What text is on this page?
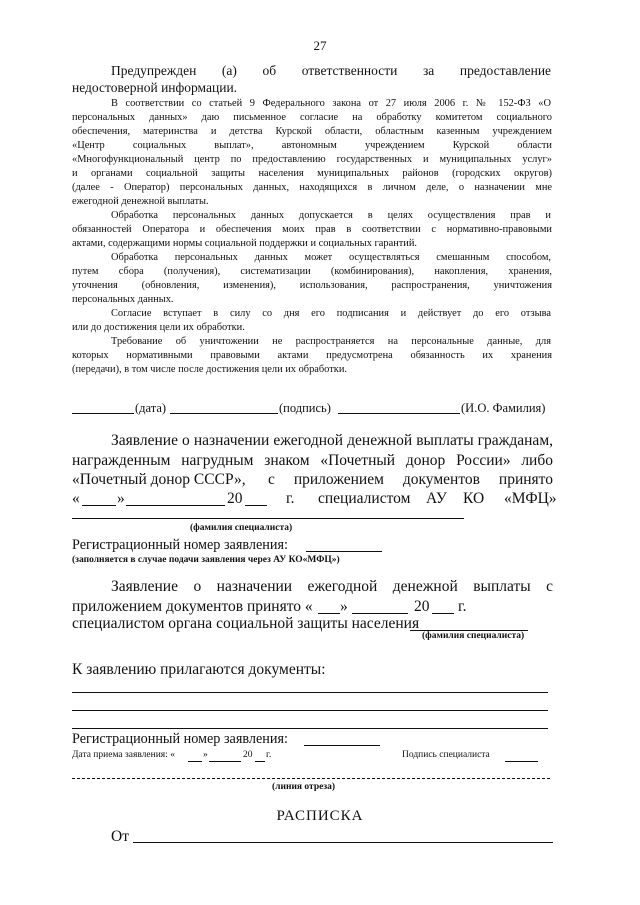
27
Предупрежден (а) об ответственности за предоставление
недостоверной информации.
В соответствии со статьей 9 Федерального закона от 27 июля 2006 г. № 152-ФЗ «О
персональных данных» даю письменное согласие на обработку комитетом социального
обеспечения, материнства и детства Курской области, областным казенным учреждением
«Центр социальных выплат», автономным учреждением Курской области
«Многофункциональный центр по предоставлению государственных и муниципальных услуг»
и органами социальной защиты населения муниципальных районов (городских округов)
(далее - Оператор) персональных данных, находящихся в личном деле, о назначении мне
ежегодной денежной выплаты.
Обработка персональных данных допускается в целях осуществления прав и
обязанностей Оператора и обеспечения моих прав в соответствии с нормативно-правовыми
актами, содержащими нормы социальной поддержки и социальных гарантий.
Обработка персональных данных может осуществляться смешанным способом,
путем сбора (получения), систематизации (комбинирования), накопления, хранения,
уточнения (обновления, изменения), использования, распространения, уничтожения
персональных данных.
Согласие вступает в силу со дня его подписания и действует до его отзыва
или до достижения цели их обработки.
Требование об уничтожении не распространяется на персональные данные, для
которых нормативными правовыми актами предусмотрена обязанность их хранения
(передачи), в том числе после достижения цели их обработки.
(дата)	(подпись)	(И.О. Фамилия)
Заявление о назначении ежегодной денежной выплаты гражданам,
награжденным нагрудным знаком «Почетный донор России» либо
«Почетный донор СССР», с приложением документов принято
« »	20	г. специалистом АУ КО «МФЦ»
(фамилия специалиста)
Регистрационный номер заявления:
(заполняется в случае подачи заявления через АУ КО«МФЦ»)
Заявление о назначении ежегодной денежной выплаты с
приложением документов принято « »	20 г.
специалистом органа социальной защиты населения
(фамилия специалиста)
К заявлению прилагаются документы:
Регистрационный номер заявления:
Дата приема заявления: «	»	20 г.	Подпись специалиста
(линия отреза)
РАСПИСКА
От
